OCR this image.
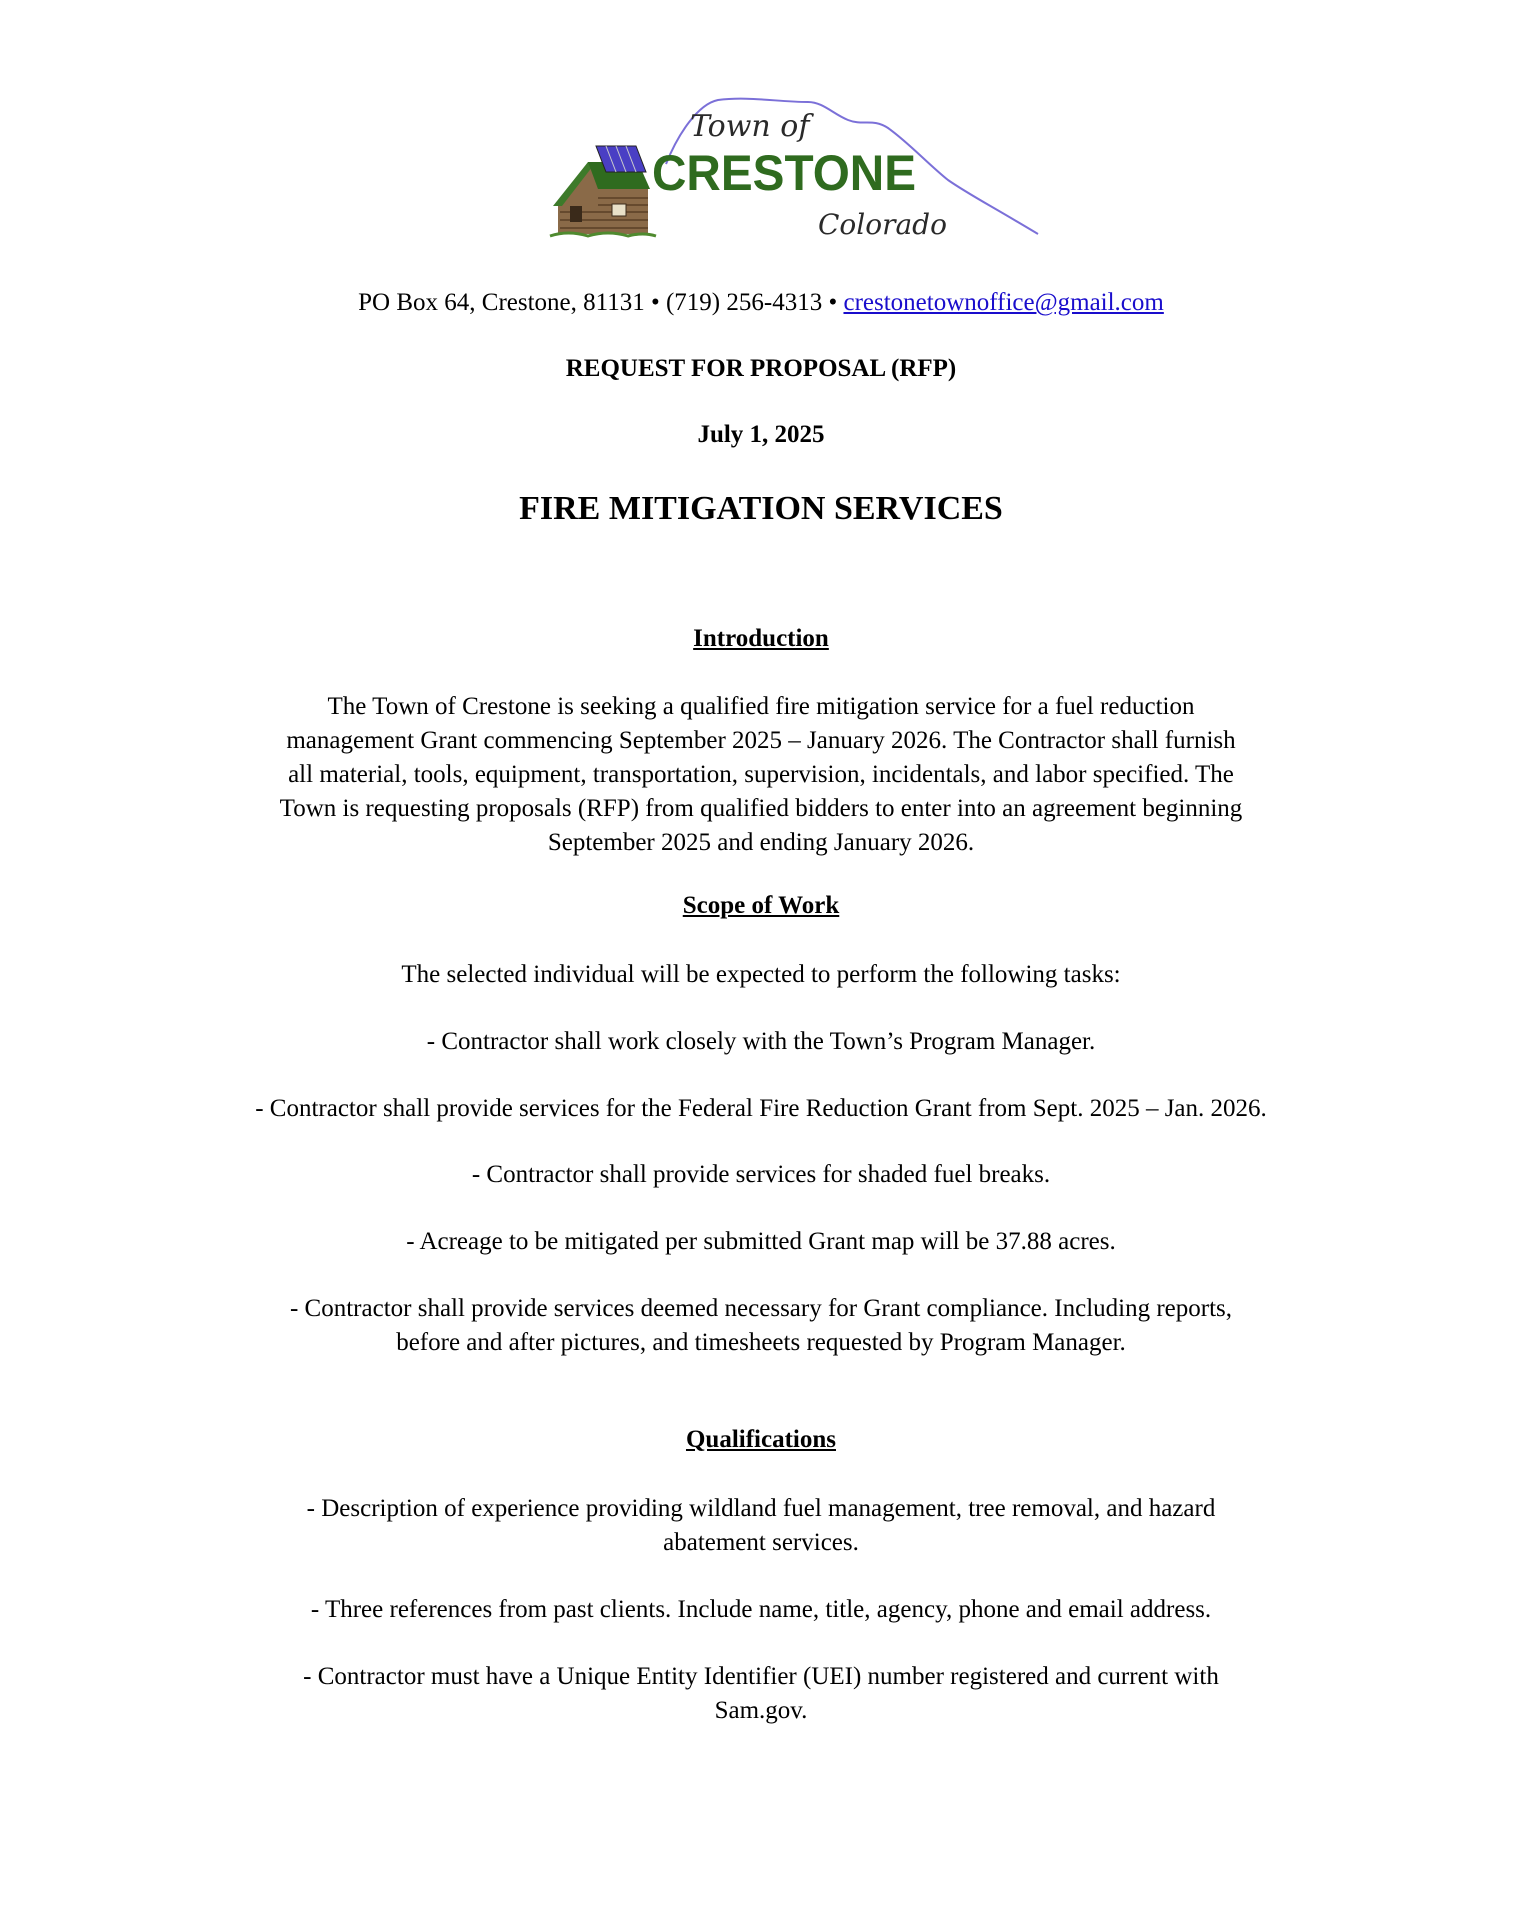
Town of
CRESTONE
Colorado
PO Box 64, Crestone, 81131 • (719) 256-4313 • crestonetownoffice@gmail.com
REQUEST FOR PROPOSAL (RFP)
July 1, 2025
FIRE MITIGATION SERVICES
Introduction
The Town of Crestone is seeking a qualified fire mitigation service for a fuel reduction
management Grant commencing September 2025 – January 2026. The Contractor shall furnish
all material, tools, equipment, transportation, supervision, incidentals, and labor specified. The
Town is requesting proposals (RFP) from qualified bidders to enter into an agreement beginning
September 2025 and ending January 2026.
Scope of Work
The selected individual will be expected to perform the following tasks:
- Contractor shall work closely with the Town’s Program Manager.
- Contractor shall provide services for the Federal Fire Reduction Grant from Sept. 2025 – Jan. 2026.
- Contractor shall provide services for shaded fuel breaks.
- Acreage to be mitigated per submitted Grant map will be 37.88 acres.
- Contractor shall provide services deemed necessary for Grant compliance. Including reports,
before and after pictures, and timesheets requested by Program Manager.
Qualifications
- Description of experience providing wildland fuel management, tree removal, and hazard
abatement services.
- Three references from past clients. Include name, title, agency, phone and email address.
- Contractor must have a Unique Entity Identifier (UEI) number registered and current with
Sam.gov.
